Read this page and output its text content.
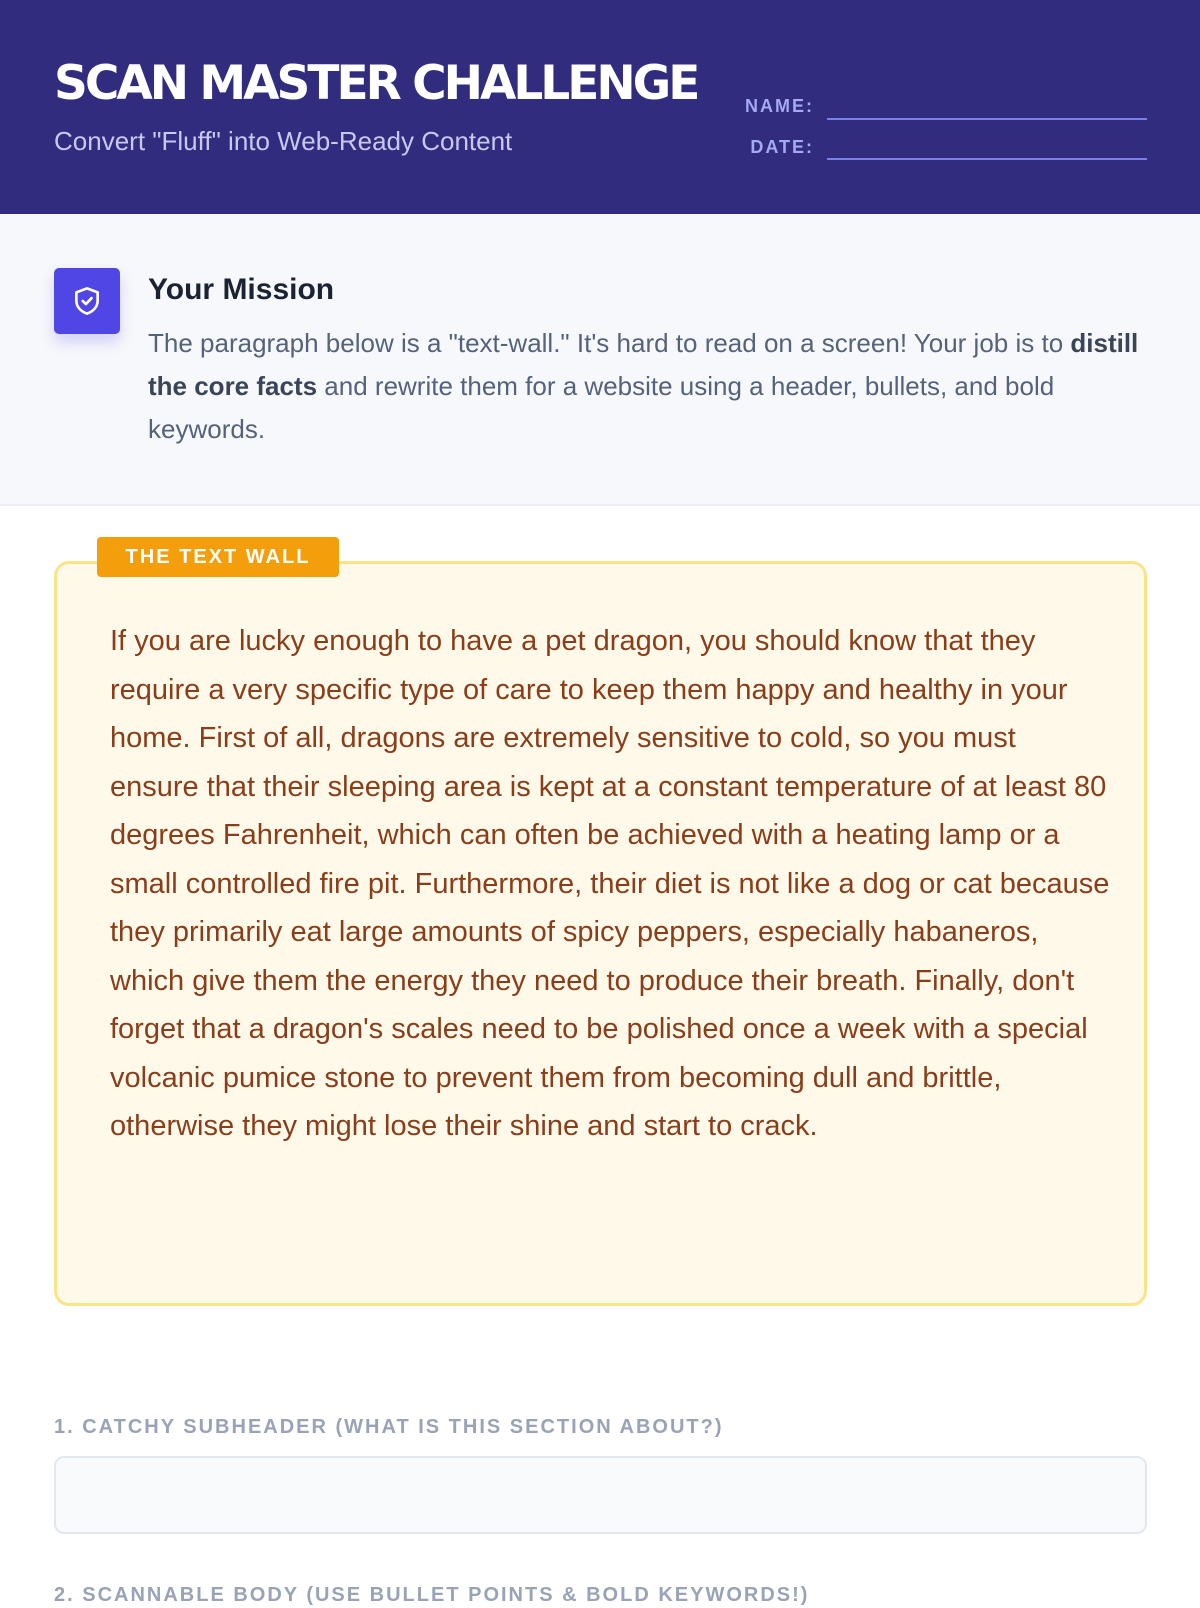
SCAN MASTER CHALLENGE
Convert "Fluff" into Web-Ready Content
NAME:
DATE:
Your Mission
The paragraph below is a "text-wall." It's hard to read on a screen! Your job is to distill the core facts and rewrite them for a website using a header, bullets, and bold keywords.
THE TEXT WALL

If you are lucky enough to have a pet dragon, you should know that they require a very specific type of care to keep them happy and healthy in your home. First of all, dragons are extremely sensitive to cold, so you must ensure that their sleeping area is kept at a constant temperature of at least 80 degrees Fahrenheit, which can often be achieved with a heating lamp or a small controlled fire pit. Furthermore, their diet is not like a dog or cat because they primarily eat large amounts of spicy peppers, especially habaneros, which give them the energy they need to produce their breath. Finally, don't forget that a dragon's scales need to be polished once a week with a special volcanic pumice stone to prevent them from becoming dull and brittle, otherwise they might lose their shine and start to crack.

1. CATCHY SUBHEADER (WHAT IS THIS SECTION ABOUT?)
2. SCANNABLE BODY (USE BULLET POINTS & BOLD KEYWORDS!)
